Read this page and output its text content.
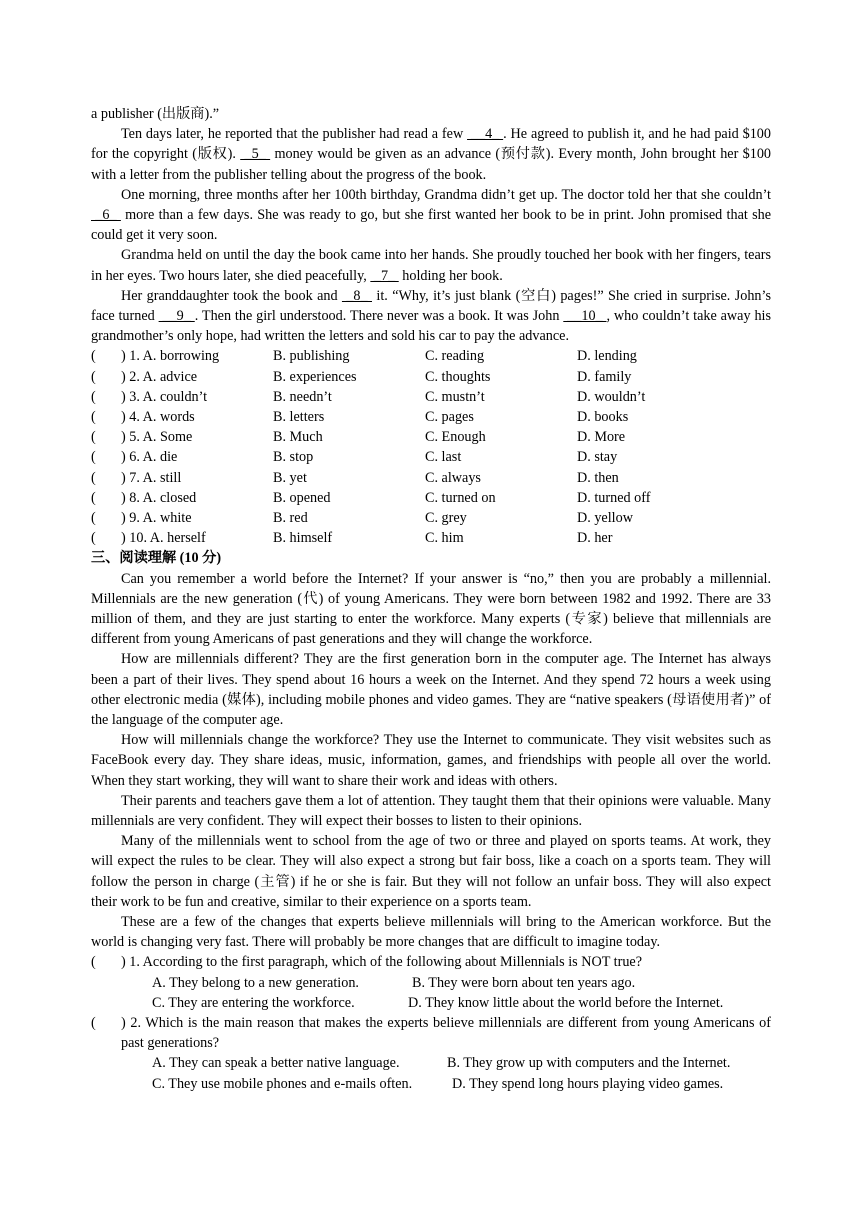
a publisher (出版商).”

Ten days later, he reported that the publisher had read a few  __4_ . He agreed to publish it, and he had paid $100 for the copyright (版权).  _5_  money would be given as an advance (预付款). Every month, John brought her $100 with a letter from the publisher telling about the progress of the book.

One morning, three months after her 100th birthday, Grandma didn’t get up. The doctor told her that she couldn’t  _6_  more than a few days. She was ready to go, but she first wanted her book to be in print. John promised that she could get it very soon.

Grandma held on until the day the book came into her hands. She proudly touched her book with her fingers, tears in her eyes. Two hours later, she died peacefully,  _7_  holding her book.

Her granddaughter took the book and  _8_  it. “Why, it’s just blank (空白) pages!” She cried in surprise. John’s face turned  __9_ . Then the girl understood. There never was a book. It was John  __10_ , who couldn’t take away his grandmother’s only hope, had written the letters and sold his car to pay the advance.

(	) 1. A. borrowing	B. publishing	C. reading	D. lending
(	) 2. A. advice	B. experiences	C. thoughts	D. family
(	) 3. A. couldn’t	B. needn’t	C. mustn’t	D. wouldn’t
(	) 4. A. words	B. letters	C. pages	D. books
(	) 5. A. Some	B. Much	C. Enough	D. More
(	) 6. A. die	B. stop	C. last	D. stay
(	) 7. A. still	B. yet	C. always	D. then
(	) 8. A. closed	B. opened	C. turned on	D. turned off
(	) 9. A. white	B. red	C. grey	D. yellow
(	) 10. A. herself	B. himself	C. him	D. her

三、阅读理解 (10 分)

Can you remember a world before the Internet? If your answer is “no,” then you are probably a millennial. Millennials are the new generation (代) of young Americans. They were born between 1982 and 1992. There are 33 million of them, and they are just starting to enter the workforce. Many experts (专家) believe that millennials are different from young Americans of past generations and they will change the workforce.

How are millennials different? They are the first generation born in the computer age. The Internet has always been a part of their lives. They spend about 16 hours a week on the Internet. And they spend 72 hours a week using other electronic media (媒体), including mobile phones and video games. They are “native speakers (母语使用者)” of the language of the computer age.

How will millennials change the workforce? They use the Internet to communicate. They visit websites such as FaceBook every day. They share ideas, music, information, games, and friendships with people all over the world. When they start working, they will want to share their work and ideas with others.

Their parents and teachers gave them a lot of attention. They taught them that their opinions were valuable. Many millennials are very confident. They will expect their bosses to listen to their opinions.

Many of the millennials went to school from the age of two or three and played on sports teams. At work, they will expect the rules to be clear. They will also expect a strong but fair boss, like a coach on a sports team. They will follow the person in charge (主管) if he or she is fair. But they will not follow an unfair boss. They will also expect their work to be fun and creative, similar to their experience on a sports team.

These are a few of the changes that experts believe millennials will bring to the American workforce. But the world is changing very fast. There will probably be more changes that are difficult to imagine today.

( ) 1. According to the first paragraph, which of the following about Millennials is NOT true?
A. They belong to a new generation.	B. They were born about ten years ago.
C. They are entering the workforce.	D. They know little about the world before the Internet.
(	) 2. Which is the main reason that makes the experts believe millennials are different from young Americans of past generations?
A. They can speak a better native language.	B. They grow up with computers and the Internet.
C. They use mobile phones and e-mails often.	D. They spend long hours playing video games.
